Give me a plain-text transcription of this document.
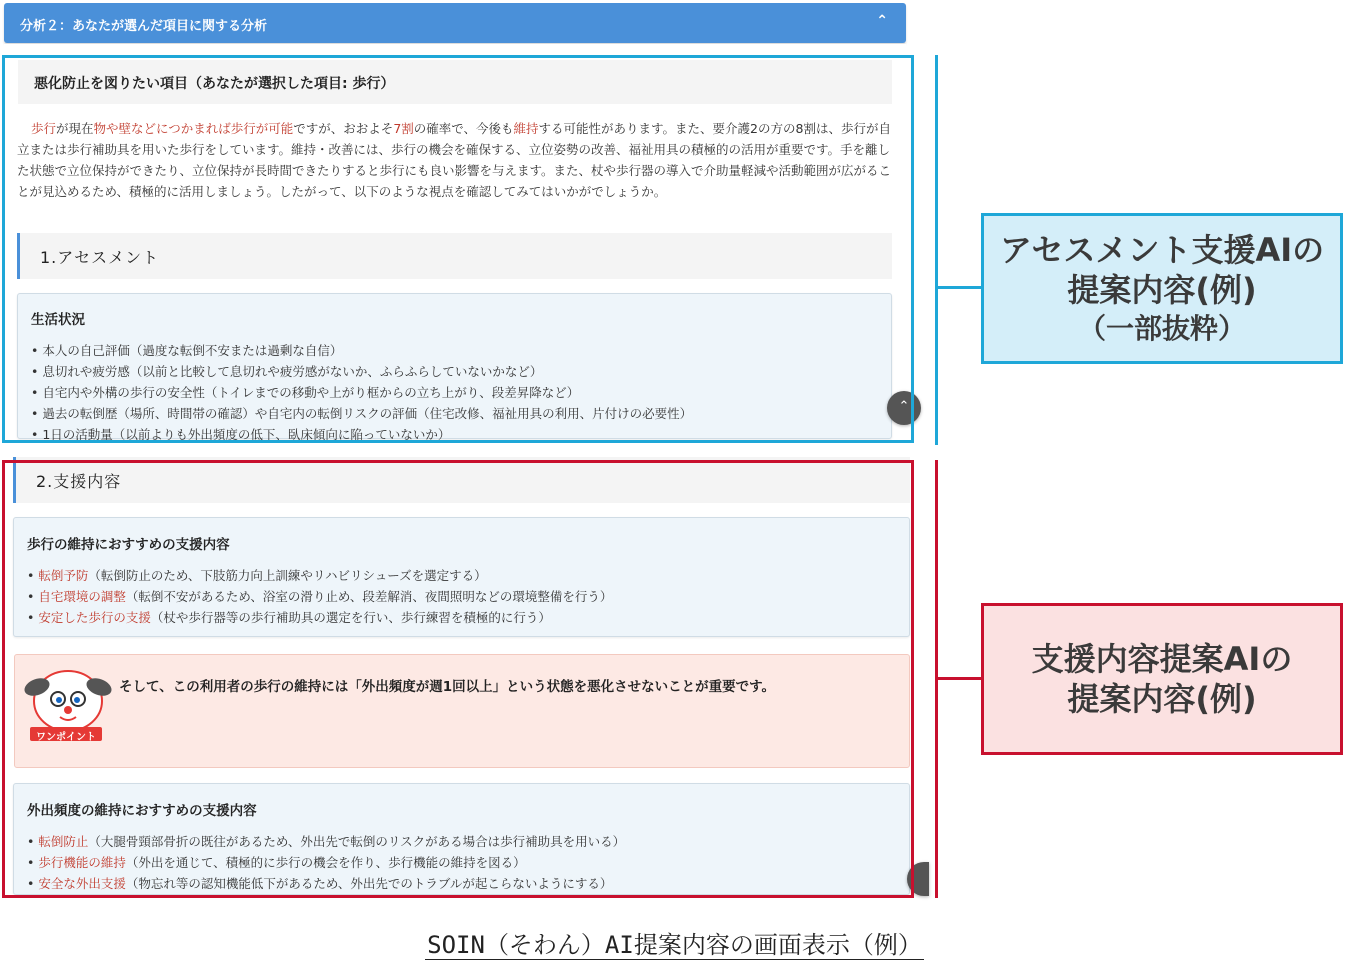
分析２：あなたが選んだ項目に関する分析	⌃
悪化防止を図りたい項目（あなたが選択した項目: 歩行）
歩行が現在物や壁などにつかまれば歩行が可能ですが、おおよそ7割の確率で、今後も維持する可能性があります。また、要介護2の方の8割は、歩行が自立または歩行補助具を用いた歩行をしています。維持・改善には、歩行の機会を確保する、立位姿勢の改善、福祉用具の積極的の活用が重要です。手を離した状態で立位保持ができたり、立位保持が長時間できたりすると歩行にも良い影響を与えます。また、杖や歩行器の導入で介助量軽減や活動範囲が広がることが見込めるため、積極的に活用しましょう。したがって、以下のような視点を確認してみてはいかがでしょうか。
1.アセスメント
生活状況
• 本人の自己評価（過度な転倒不安または過剰な自信）
• 息切れや疲労感（以前と比較して息切れや疲労感がないか、ふらふらしていないかなど）
• 自宅内や外構の歩行の安全性（トイレまでの移動や上がり框からの立ち上がり、段差昇降など）
• 過去の転倒歴（場所、時間帯の確認）や自宅内の転倒リスクの評価（住宅改修、福祉用具の利用、片付けの必要性）
• 1日の活動量（以前よりも外出頻度の低下、臥床傾向に陥っていないか）
⌃
2.支援内容
歩行の維持におすすめの支援内容
• 転倒予防（転倒防止のため、下肢筋力向上訓練やリハビリシューズを選定する）
• 自宅環境の調整（転倒不安があるため、浴室の滑り止め、段差解消、夜間照明などの環境整備を行う）
• 安定した歩行の支援（杖や歩行器等の歩行補助具の選定を行い、歩行練習を積極的に行う）
ワンポイント
そして、この利用者の歩行の維持には「外出頻度が週1回以上」という状態を悪化させないことが重要です。
外出頻度の維持におすすめの支援内容
• 転倒防止（大腿骨頸部骨折の既往があるため、外出先で転倒のリスクがある場合は歩行補助具を用いる）
• 歩行機能の維持（外出を通じて、積極的に歩行の機会を作り、歩行機能の維持を図る）
• 安全な外出支援（物忘れ等の認知機能低下があるため、外出先でのトラブルが起こらないようにする）
アセスメント支援AIの
提案内容(例)
（一部抜粋）
支援内容提案AIの
提案内容(例)
SOIN（そわん）AI提案内容の画面表示（例）
